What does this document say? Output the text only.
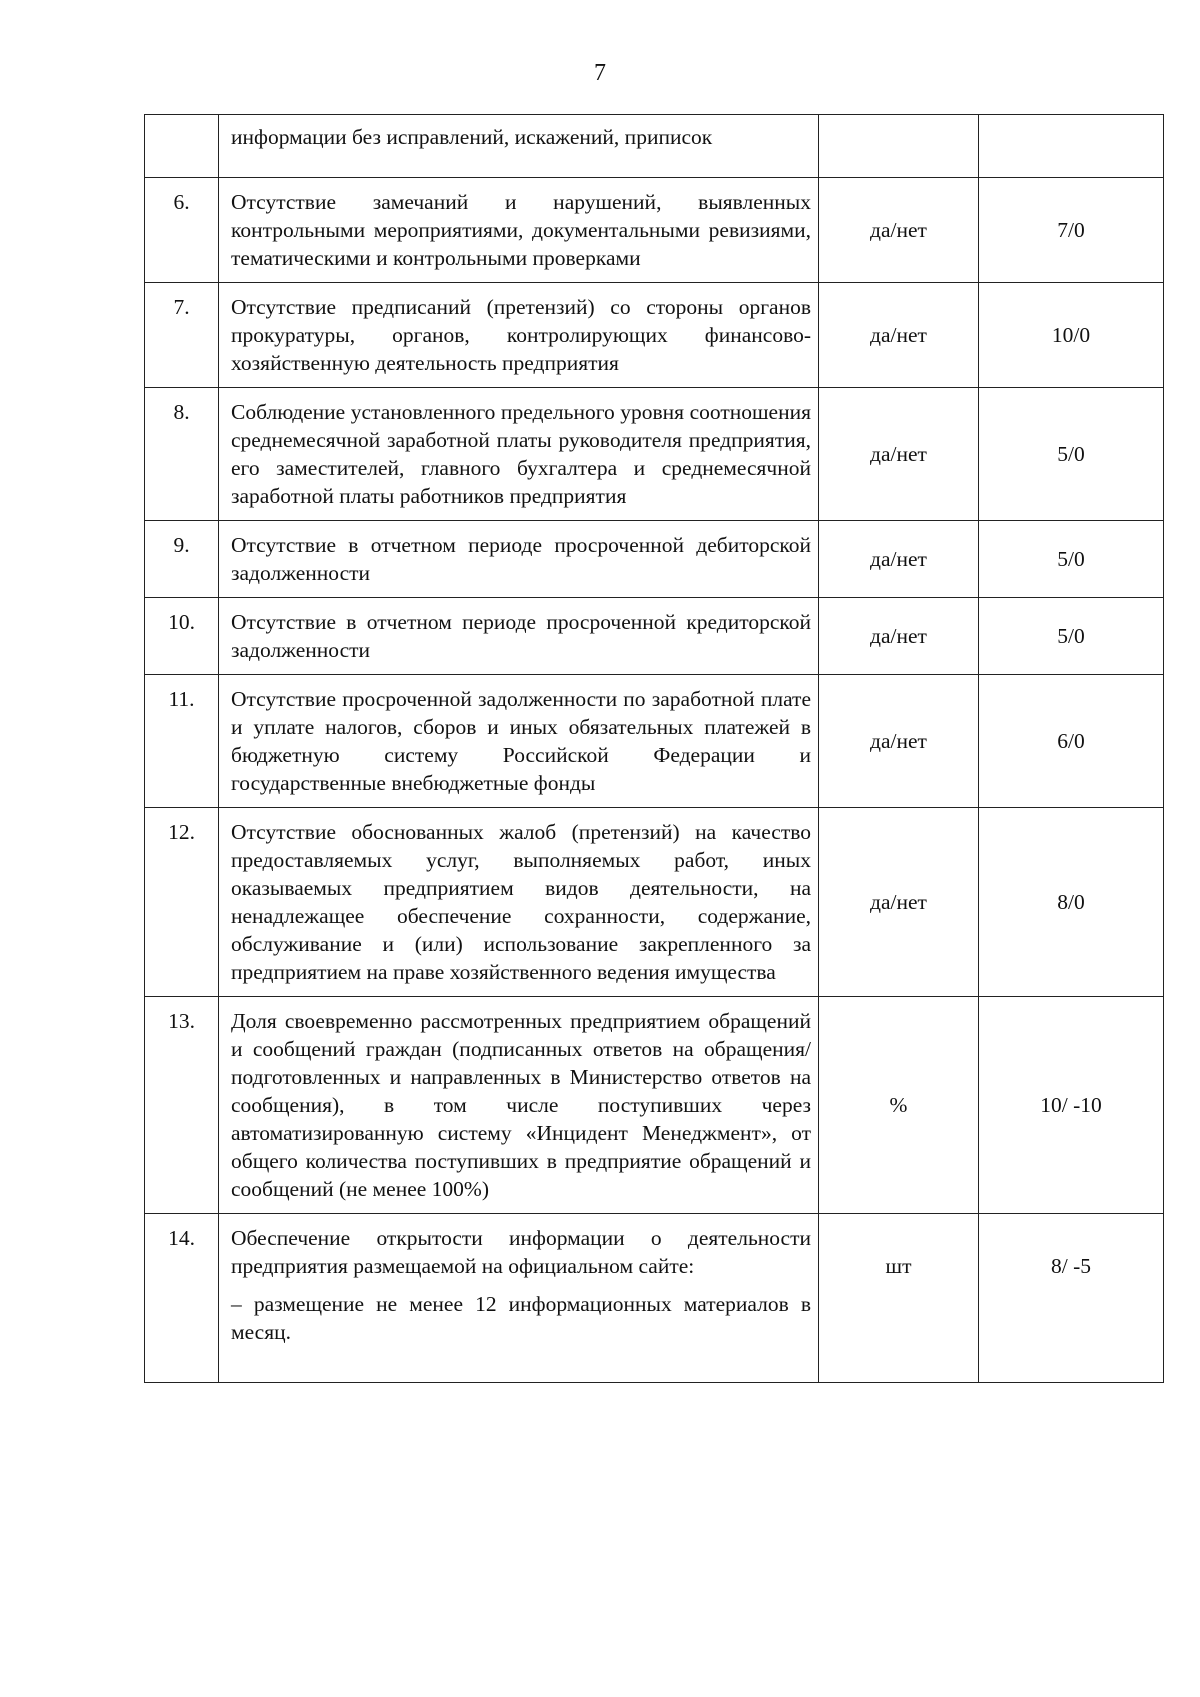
7

	информации без исправлений, искажений, приписок		

6.	Отсутствие замечаний и нарушений, выявленных контрольными мероприятиями, документальными ревизиями, тематическими и контрольными проверками	да/нет	7/0
7.	Отсутствие предписаний (претензий) со стороны органов прокуратуры, органов, контролирующих финансово-хозяйственную деятельность предприятия	да/нет	10/0
8.	Соблюдение установленного предельного уровня соотношения среднемесячной заработной платы руководителя предприятия, его заместителей, главного бухгалтера и среднемесячной заработной платы работников предприятия	да/нет	5/0
9.	Отсутствие в отчетном периоде просроченной дебиторской задолженности	да/нет	5/0
10.	Отсутствие в отчетном периоде просроченной кредиторской задолженности	да/нет	5/0
11.	Отсутствие просроченной задолженности по заработной плате и уплате налогов, сборов и иных обязательных платежей в бюджетную систему Российской Федерации и государственные внебюджетные фонды	да/нет	6/0
12.	Отсутствие обоснованных жалоб (претензий) на качество предоставляемых услуг, выполняемых работ, иных оказываемых предприятием видов деятельности, на ненадлежащее обеспечение сохранности, содержание, обслуживание и (или) использование закрепленного за предприятием на праве хозяйственного ведения имущества	да/нет	8/0
13.	Доля своевременно рассмотренных предприятием обращений и сообщений граждан (подписанных ответов на обращения/подготовленных и направленных в Министерство ответов на сообщения), в том числе поступивших через автоматизированную систему «Инцидент Менеджмент», от общего количества поступивших в предприятие обращений и сообщений (не менее 100%)	%	10/ -10
14.	Обеспечение открытости информации о деятельности предприятия размещаемой на официальном сайте:

– размещение не менее 12 информационных материалов в месяц.	шт	8/ -5
